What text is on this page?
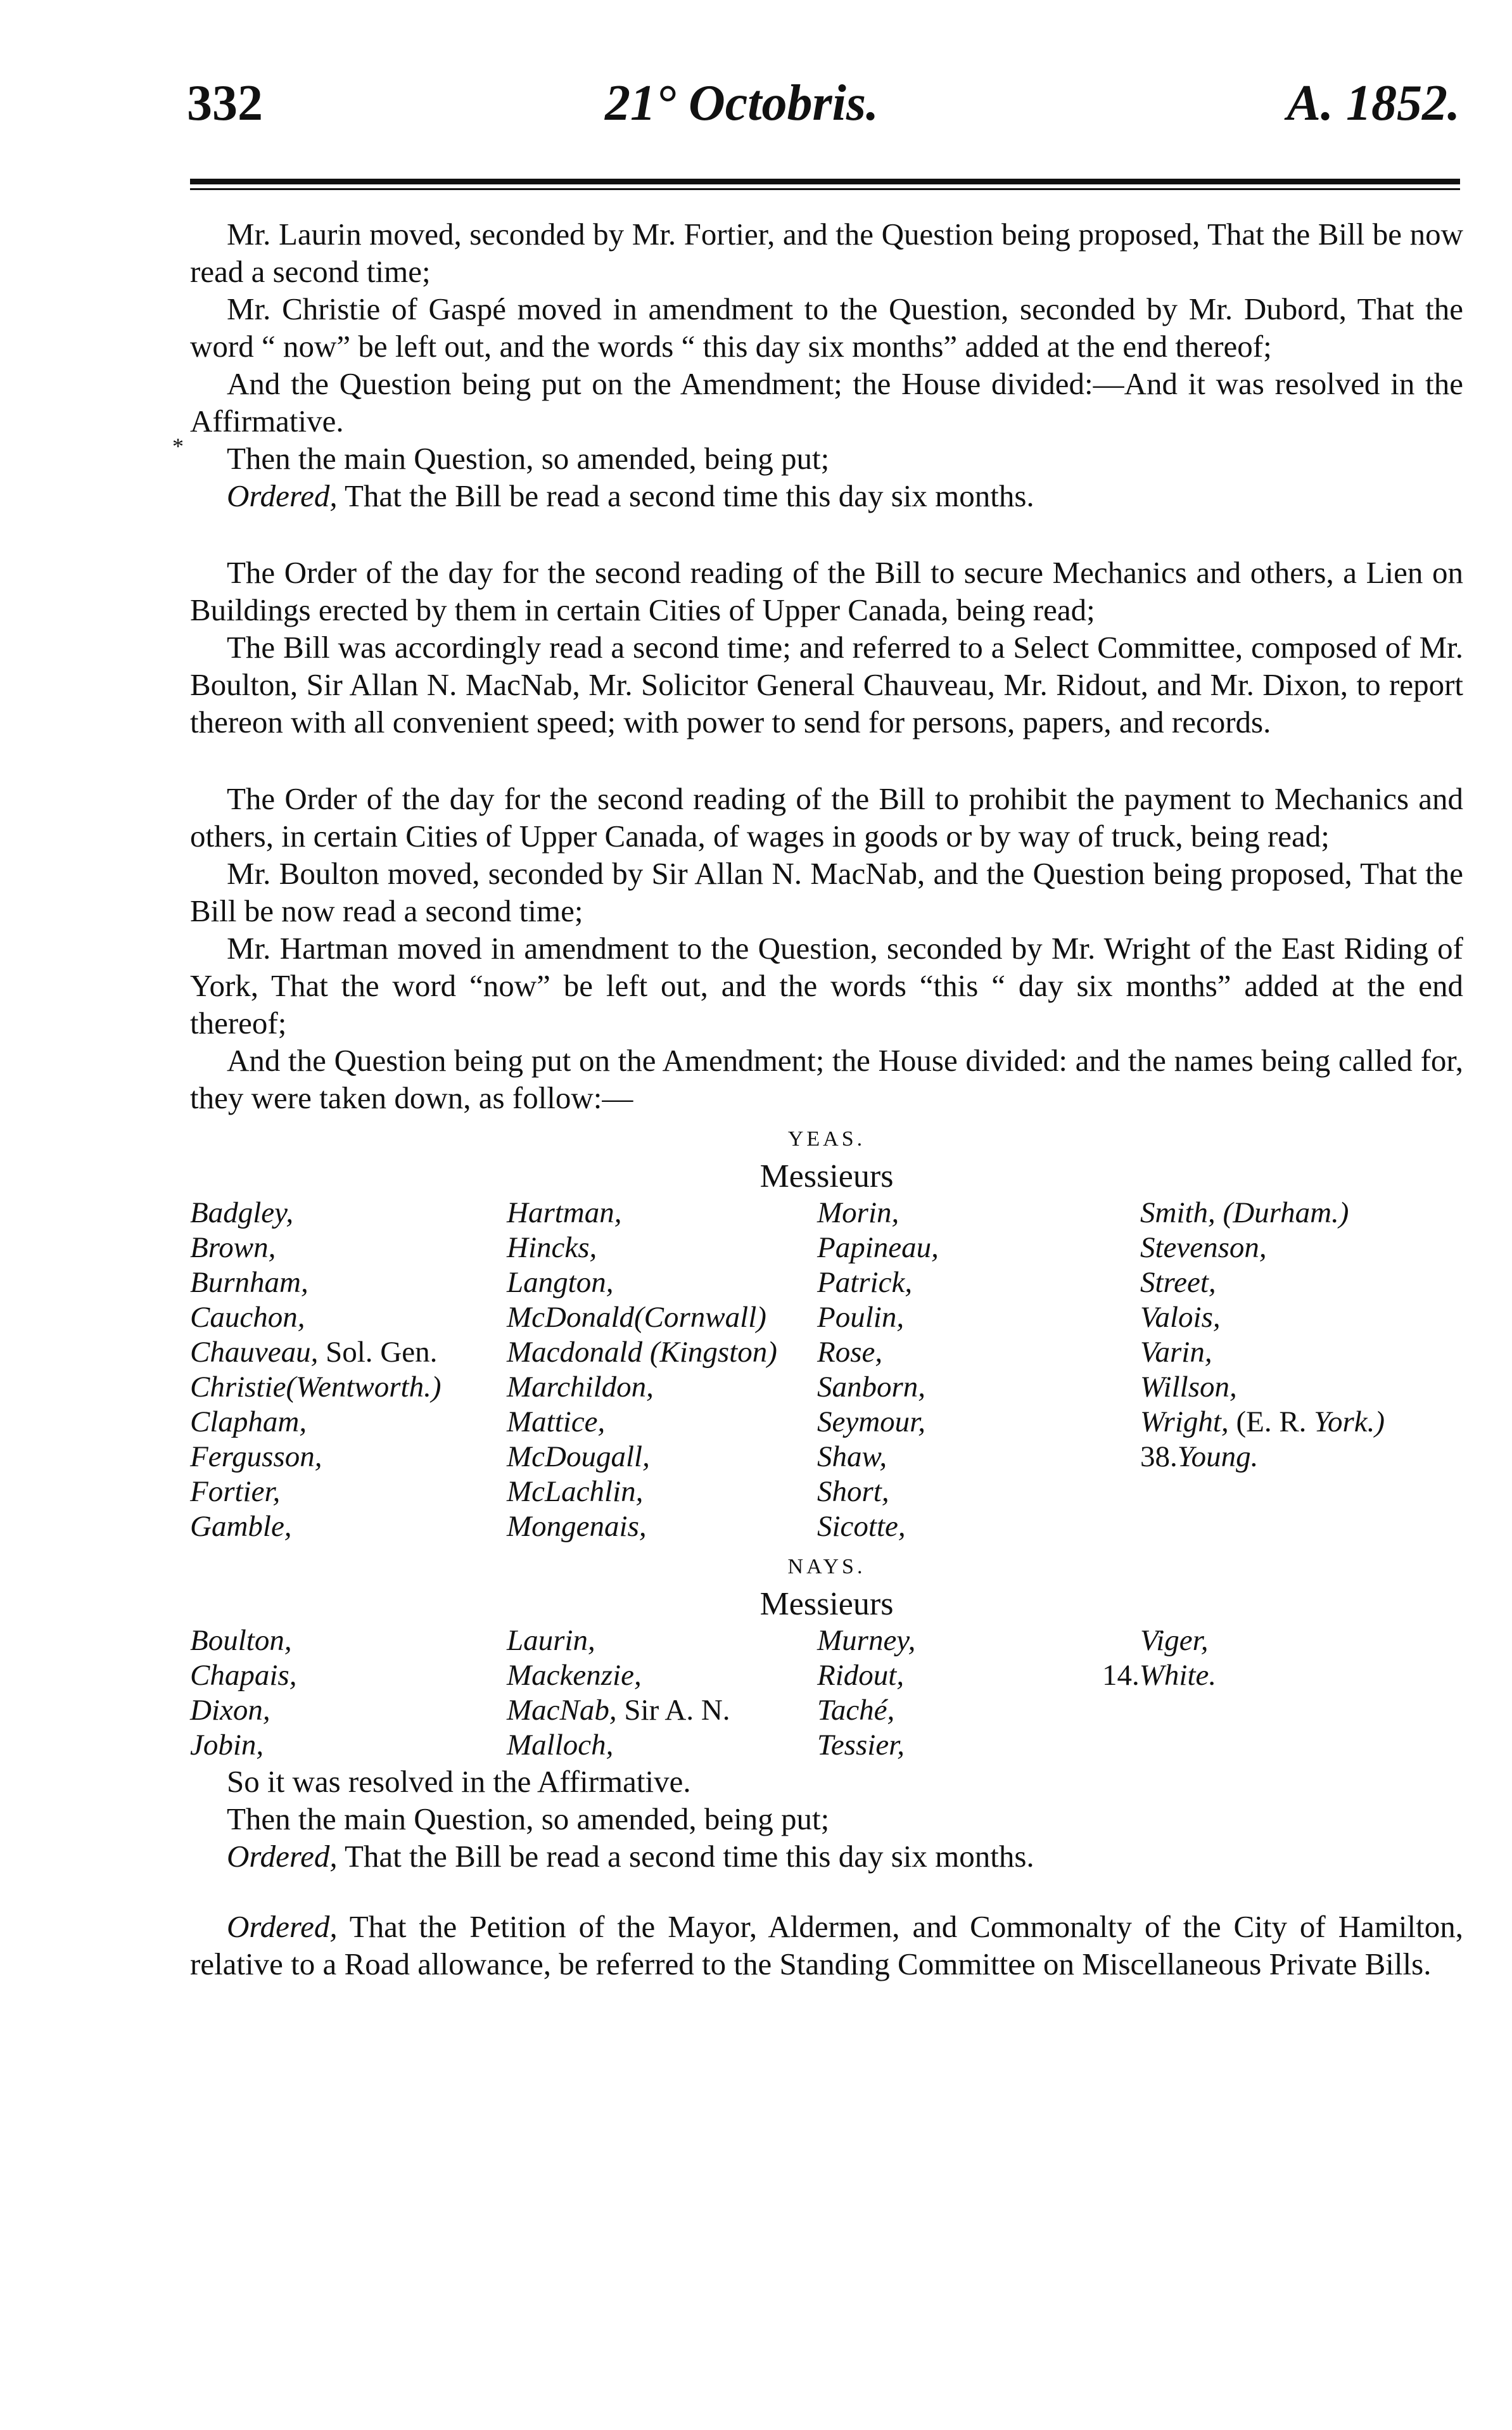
332	21° Octobris.	A. 1852.
*

Mr. Laurin moved, seconded by Mr. Fortier, and the Question being proposed, That the Bill be now read a second time;

Mr. Christie of Gaspé moved in amendment to the Question, seconded by Mr. Dubord, That the word “ now” be left out, and the words “ this day six months” added at the end thereof;

And the Question being put on the Amendment; the House divided:—And it was resolved in the Affirmative.

Then the main Question, so amended, being put;

Ordered, That the Bill be read a second time this day six months.

The Order of the day for the second reading of the Bill to secure Mechanics and others, a Lien on Buildings erected by them in certain Cities of Upper Canada, being read;

The Bill was accordingly read a second time; and referred to a Select Committee, composed of Mr. Boulton, Sir Allan N. MacNab, Mr. Solicitor General Chauveau, Mr. Ridout, and Mr. Dixon, to report thereon with all convenient speed; with power to send for persons, papers, and records.

The Order of the day for the second reading of the Bill to prohibit the payment to Mechanics and others, in certain Cities of Upper Canada, of wages in goods or by way of truck, being read;

Mr. Boulton moved, seconded by Sir Allan N. MacNab, and the Question being proposed, That the Bill be now read a second time;

Mr. Hartman moved in amendment to the Question, seconded by Mr. Wright of the East Riding of York, That the word “now” be left out, and the words “this “ day six months” added at the end thereof;

And the Question being put on the Amendment; the House divided: and the names being called for, they were taken down, as follow:—

YEAS.
Messieurs
Badgley,	Hartman,	Morin,	Smith, (Durham.)
Brown,	Hincks,	Papineau,	Stevenson,
Burnham,	Langton,	Patrick,	Street,
Cauchon,	McDonald(Cornwall)	Poulin,	Valois,
Chauveau, Sol. Gen.	Macdonald (Kingston)	Rose,	Varin,
Christie(Wentworth.)	Marchildon,	Sanborn,	Willson,
Clapham,	Mattice,	Seymour,	Wright, (E. R. York.)
Fergusson,	McDougall,	Shaw,	38.Young.
Fortier,	McLachlin,	Short,
Gamble,	Mongenais,	Sicotte,
NAYS.
Messieurs
Boulton,	Laurin,	Murney,	Viger,
Chapais,	Mackenzie,	Ridout,	14.White.
Dixon,	MacNab, Sir A. N.	Taché,
Jobin,	Malloch,	Tessier,

So it was resolved in the Affirmative.

Then the main Question, so amended, being put;

Ordered, That the Bill be read a second time this day six months.

Ordered, That the Petition of the Mayor, Aldermen, and Commonalty of the City of Hamilton, relative to a Road allowance, be referred to the Standing Committee on Miscellaneous Private Bills.
